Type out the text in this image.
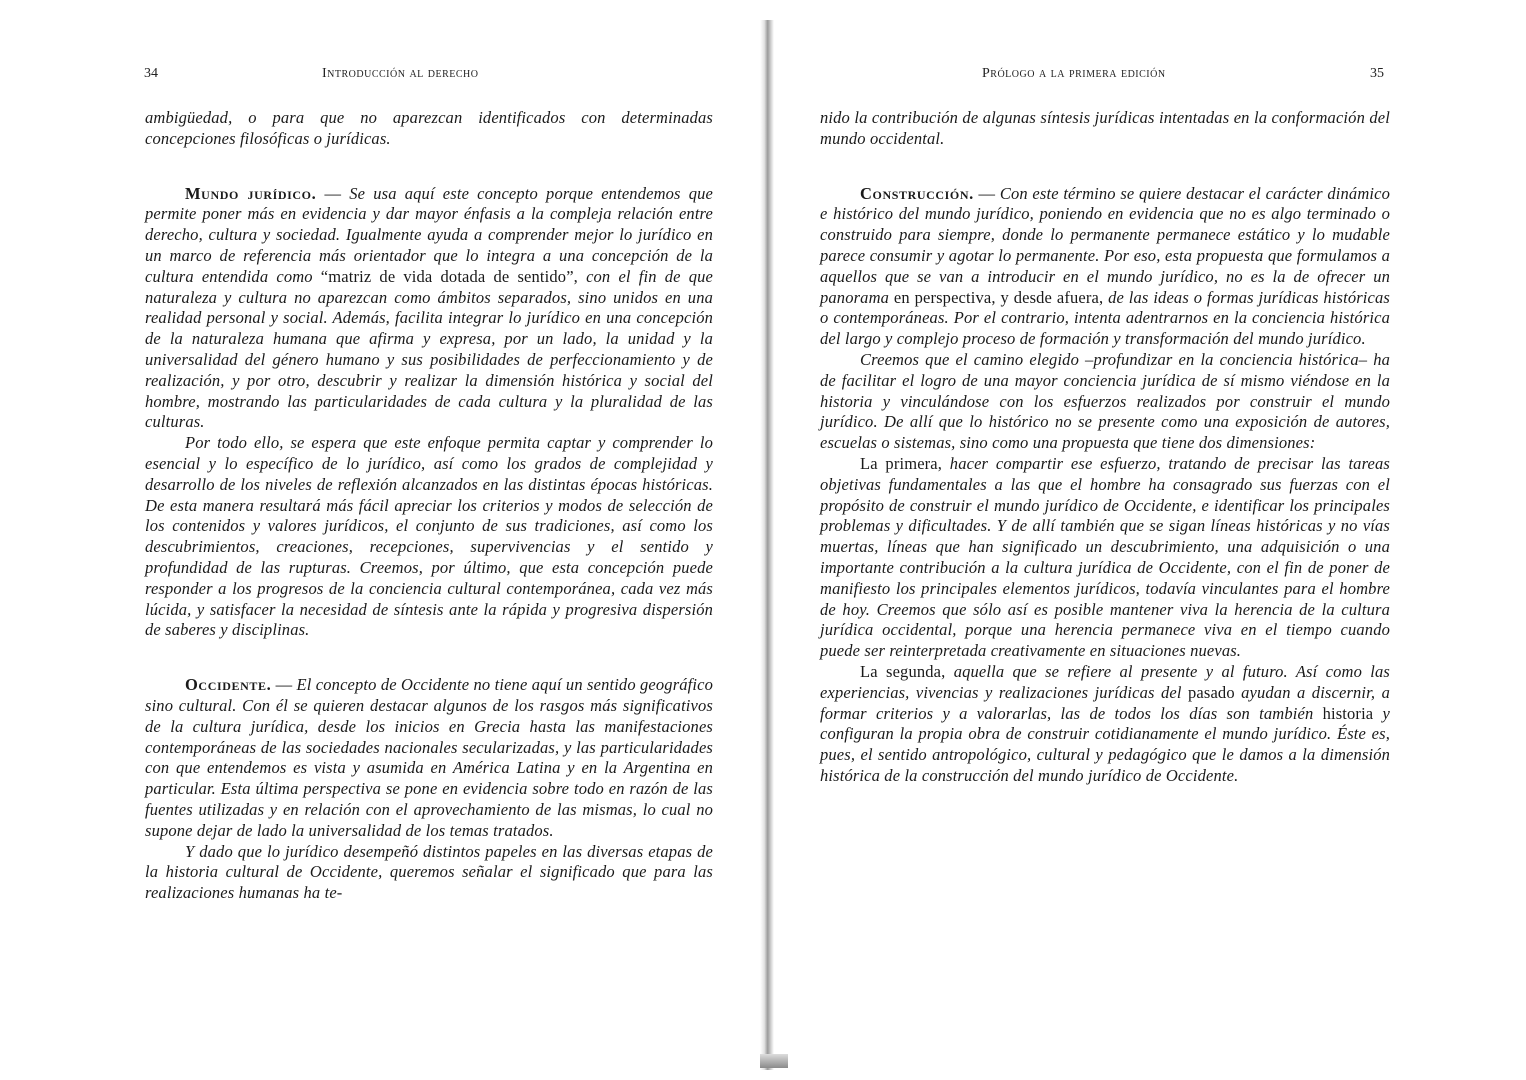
34	Introducción al derecho

ambigüedad, o para que no aparezcan identificados con determinadas concepciones filosóficas o jurídicas.

Mundo jurídico. — Se usa aquí este concepto porque entendemos que permite poner más en evidencia y dar mayor énfasis a la compleja relación entre derecho, cultura y sociedad. Igualmente ayuda a comprender mejor lo jurídico en un marco de referencia más orientador que lo integra a una concepción de la cultura entendida como “matriz de vida dotada de sentido”, con el fin de que naturaleza y cultura no aparezcan como ámbitos separados, sino unidos en una realidad personal y social. Además, facilita integrar lo jurídico en una concepción de la naturaleza humana que afirma y expresa, por un lado, la unidad y la universalidad del género humano y sus posibilidades de perfeccionamiento y de realización, y por otro, descubrir y realizar la dimensión histórica y social del hombre, mostrando las particularidades de cada cultura y la pluralidad de las culturas.

Por todo ello, se espera que este enfoque permita captar y comprender lo esencial y lo específico de lo jurídico, así como los grados de complejidad y desarrollo de los niveles de reflexión alcanzados en las distintas épocas históricas. De esta manera resultará más fácil apreciar los criterios y modos de selección de los contenidos y valores jurídicos, el conjunto de sus tradiciones, así como los descubrimientos, creaciones, recepciones, supervivencias y el sentido y profundidad de las rupturas. Creemos, por último, que esta concepción puede responder a los progresos de la conciencia cultural contemporánea, cada vez más lúcida, y satisfacer la necesidad de síntesis ante la rápida y progresiva dispersión de saberes y disciplinas.

Occidente. — El concepto de Occidente no tiene aquí un sentido geográfico sino cultural. Con él se quieren destacar algunos de los rasgos más significativos de la cultura jurídica, desde los inicios en Grecia hasta las manifestaciones contemporáneas de las sociedades nacionales secularizadas, y las particularidades con que entendemos es vista y asumida en América Latina y en la Argentina en particular. Esta última perspectiva se pone en evidencia sobre todo en razón de las fuentes utilizadas y en relación con el aprovechamiento de las mismas, lo cual no supone dejar de lado la universalidad de los temas tratados.

Y dado que lo jurídico desempeñó distintos papeles en las diversas etapas de la historia cultural de Occidente, queremos señalar el significado que para las realizaciones humanas ha te-

Prólogo a la primera edición	35

nido la contribución de algunas síntesis jurídicas intentadas en la conformación del mundo occidental.

Construcción. — Con este término se quiere destacar el carácter dinámico e histórico del mundo jurídico, poniendo en evidencia que no es algo terminado o construido para siempre, donde lo permanente permanece estático y lo mudable parece consumir y agotar lo permanente. Por eso, esta propuesta que formulamos a aquellos que se van a introducir en el mundo jurídico, no es la de ofrecer un panorama en perspectiva, y desde afuera, de las ideas o formas jurídicas históricas o contemporáneas. Por el contrario, intenta adentrarnos en la conciencia histórica del largo y complejo proceso de formación y transformación del mundo jurídico.

Creemos que el camino elegido –profundizar en la conciencia histórica– ha de facilitar el logro de una mayor conciencia jurídica de sí mismo viéndose en la historia y vinculándose con los esfuerzos realizados por construir el mundo jurídico. De allí que lo histórico no se presente como una exposición de autores, escuelas o sistemas, sino como una propuesta que tiene dos dimensiones:

La primera, hacer compartir ese esfuerzo, tratando de precisar las tareas objetivas fundamentales a las que el hombre ha consagrado sus fuerzas con el propósito de construir el mundo jurídico de Occidente, e identificar los principales problemas y dificultades. Y de allí también que se sigan líneas históricas y no vías muertas, líneas que han significado un descubrimiento, una adquisición o una importante contribución a la cultura jurídica de Occidente, con el fin de poner de manifiesto los principales elementos jurídicos, todavía vinculantes para el hombre de hoy. Creemos que sólo así es posible mantener viva la herencia de la cultura jurídica occidental, porque una herencia permanece viva en el tiempo cuando puede ser reinterpretada creativamente en situaciones nuevas.

La segunda, aquella que se refiere al presente y al futuro. Así como las experiencias, vivencias y realizaciones jurídicas del pasado ayudan a discernir, a formar criterios y a valorarlas, las de todos los días son también historia y configuran la propia obra de construir cotidianamente el mundo jurídico. Éste es, pues, el sentido antropológico, cultural y pedagógico que le damos a la dimensión histórica de la construcción del mundo jurídico de Occidente.
